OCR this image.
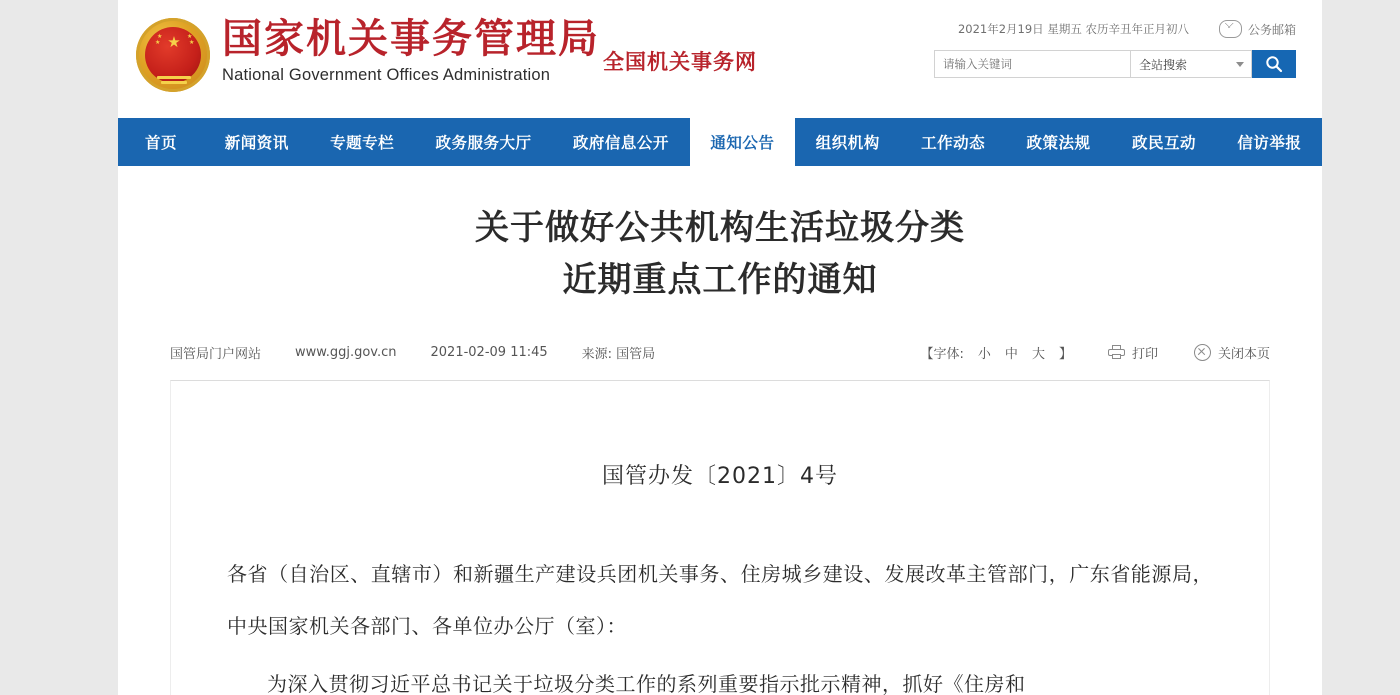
★
★
★
★
★ 国家机关事务管理局
National Government Offices Administration
全国机关事务网
2021年2月19日 星期五 农历辛丑年正月初八	公务邮箱
请输入关键词
全站搜索
首页	新闻资讯	专题专栏	政务服务大厅	政府信息公开	通知公告	组织机构	工作动态	政策法规	政民互动	信访举报
关于做好公共机构生活垃圾分类
近期重点工作的通知
国管局门户网站	www.ggj.gov.cn	2021-02-09 11:45	来源: 国管局	【字体: 小 中 大 】	打印	关闭本页
国管办发〔2021〕4号
各省（自治区、直辖市）和新疆生产建设兵团机关事务、住房城乡建设、发展改革主管部门，广东省能源局，中央国家机关各部门、各单位办公厅（室）：
为深入贯彻习近平总书记关于垃圾分类工作的系列重要指示批示精神，抓好《住房和
